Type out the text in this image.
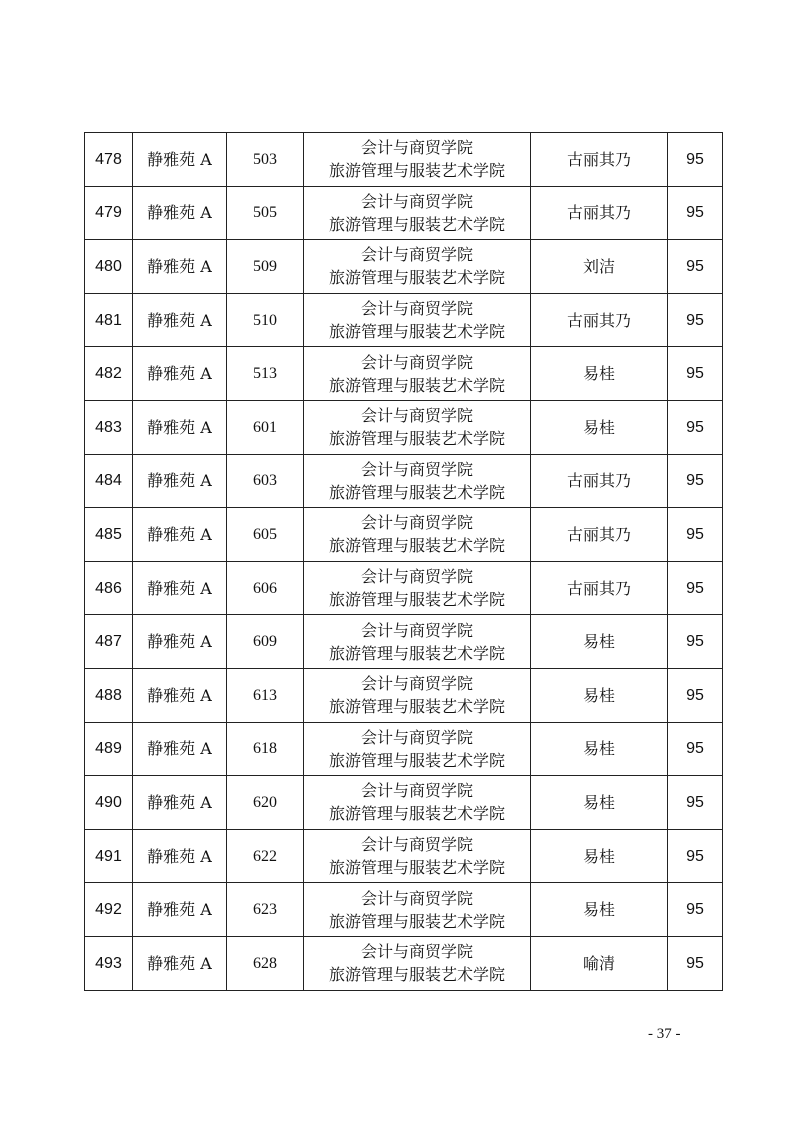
478	静雅苑 A	503	会计与商贸学院
旅游管理与服装艺术学院	古丽其乃	95
479	静雅苑 A	505	会计与商贸学院
旅游管理与服装艺术学院	古丽其乃	95
480	静雅苑 A	509	会计与商贸学院
旅游管理与服装艺术学院	刘洁	95
481	静雅苑 A	510	会计与商贸学院
旅游管理与服装艺术学院	古丽其乃	95
482	静雅苑 A	513	会计与商贸学院
旅游管理与服装艺术学院	易桂	95
483	静雅苑 A	601	会计与商贸学院
旅游管理与服装艺术学院	易桂	95
484	静雅苑 A	603	会计与商贸学院
旅游管理与服装艺术学院	古丽其乃	95
485	静雅苑 A	605	会计与商贸学院
旅游管理与服装艺术学院	古丽其乃	95
486	静雅苑 A	606	会计与商贸学院
旅游管理与服装艺术学院	古丽其乃	95
487	静雅苑 A	609	会计与商贸学院
旅游管理与服装艺术学院	易桂	95
488	静雅苑 A	613	会计与商贸学院
旅游管理与服装艺术学院	易桂	95
489	静雅苑 A	618	会计与商贸学院
旅游管理与服装艺术学院	易桂	95
490	静雅苑 A	620	会计与商贸学院
旅游管理与服装艺术学院	易桂	95
491	静雅苑 A	622	会计与商贸学院
旅游管理与服装艺术学院	易桂	95
492	静雅苑 A	623	会计与商贸学院
旅游管理与服装艺术学院	易桂	95
493	静雅苑 A	628	会计与商贸学院
旅游管理与服装艺术学院	喻清	95
- 37 -
